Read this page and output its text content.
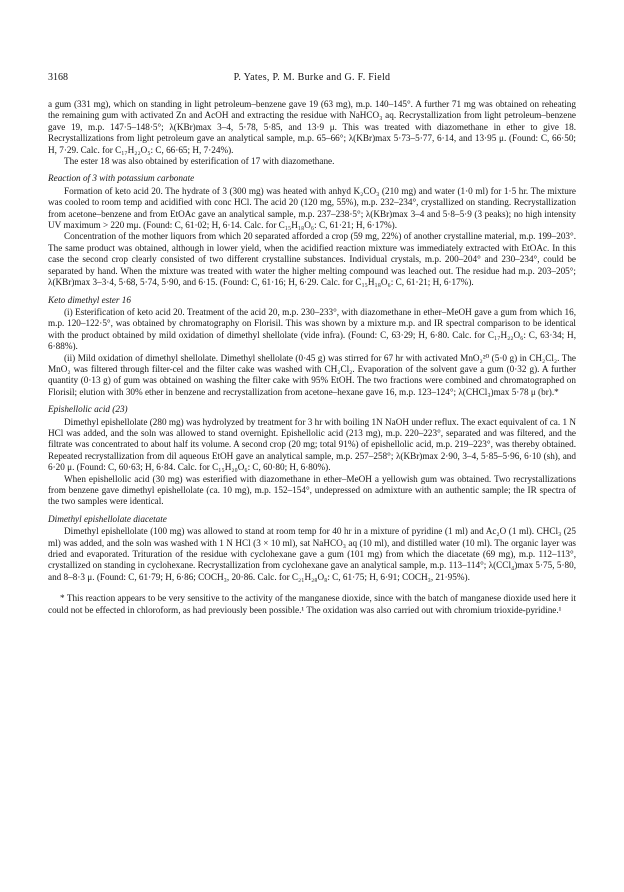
3168	P. Yates, P. M. Burke and G. F. Field

a gum (331 mg), which on standing in light petroleum–benzene gave 19 (63 mg), m.p. 140–145°. A further 71 mg was obtained on reheating the remaining gum with activated Zn and AcOH and extracting the residue with NaHCO₃ aq. Recrystallization from light petroleum–benzene gave 19, m.p. 147·5–148·5°; λ(KBr)max 3–4, 5·78, 5·85, and 13·9 μ. This was treated with diazomethane in ether to give 18. Recrystallizations from light petroleum gave an analytical sample, m.p. 65–66°; λ(KBr)max 5·73–5·77, 6·14, and 13·95 μ. (Found: C, 66·50; H, 7·29. Calc. for C₁₇H₂₂O₅: C, 66·65; H, 7·24%).

The ester 18 was also obtained by esterification of 17 with diazomethane.

Reaction of 3 with potassium carbonate

Formation of keto acid 20. The hydrate of 3 (300 mg) was heated with anhyd K₂CO₃ (210 mg) and water (1·0 ml) for 1·5 hr. The mixture was cooled to room temp and acidified with conc HCl. The acid 20 (120 mg, 55%), m.p. 232–234°, crystallized on standing. Recrystallization from acetone–benzene and from EtOAc gave an analytical sample, m.p. 237–238·5°; λ(KBr)max 3–4 and 5·8–5·9 (3 peaks); no high intensity UV maximum > 220 mμ. (Found: C, 61·02; H, 6·14. Calc. for C₁₅H₁₈O₆: C, 61·21; H, 6·17%).

Concentration of the mother liquors from which 20 separated afforded a crop (59 mg, 22%) of another crystalline material, m.p. 199–203°. The same product was obtained, although in lower yield, when the acidified reaction mixture was immediately extracted with EtOAc. In this case the second crop clearly consisted of two different crystalline substances. Individual crystals, m.p. 200–204° and 230–234°, could be separated by hand. When the mixture was treated with water the higher melting compound was leached out. The residue had m.p. 203–205°; λ(KBr)max 3–3·4, 5·68, 5·74, 5·90, and 6·15. (Found: C, 61·16; H, 6·29. Calc. for C₁₅H₁₈O₆: C, 61·21; H, 6·17%).

Keto dimethyl ester 16

(i) Esterification of keto acid 20. Treatment of the acid 20, m.p. 230–233°, with diazomethane in ether–MeOH gave a gum from which 16, m.p. 120–122·5°, was obtained by chromatography on Florisil. This was shown by a mixture m.p. and IR spectral comparison to be identical with the product obtained by mild oxidation of dimethyl shellolate (vide infra). (Found: C, 63·29; H, 6·80. Calc. for C₁₇H₂₂O₆: C, 63·34; H, 6·88%).

(ii) Mild oxidation of dimethyl shellolate. Dimethyl shellolate (0·45 g) was stirred for 67 hr with activated MnO₂²⁰ (5·0 g) in CH₂Cl₂. The MnO₂ was filtered through filter-cel and the filter cake was washed with CH₂Cl₂. Evaporation of the solvent gave a gum (0·32 g). A further quantity (0·13 g) of gum was obtained on washing the filter cake with 95% EtOH. The two fractions were combined and chromatographed on Florisil; elution with 30% ether in benzene and recrystallization from acetone–hexane gave 16, m.p. 123–124°; λ(CHCl₃)max 5·78 μ (br).*

Epishellolic acid (23)

Dimethyl epishellolate (280 mg) was hydrolyzed by treatment for 3 hr with boiling 1N NaOH under reflux. The exact equivalent of ca. 1 N HCl was added, and the soln was allowed to stand overnight. Epishellolic acid (213 mg), m.p. 220–223°, separated and was filtered, and the filtrate was concentrated to about half its volume. A second crop (20 mg; total 91%) of epishellolic acid, m.p. 219–223°, was thereby obtained. Repeated recrystallization from dil aqueous EtOH gave an analytical sample, m.p. 257–258°; λ(KBr)max 2·90, 3–4, 5·85–5·96, 6·10 (sh), and 6·20 μ. (Found: C, 60·63; H, 6·84. Calc. for C₁₅H₂₀O₆: C, 60·80; H, 6·80%).

When epishellolic acid (30 mg) was esterified with diazomethane in ether–MeOH a yellowish gum was obtained. Two recrystallizations from benzene gave dimethyl epishellolate (ca. 10 mg), m.p. 152–154°, undepressed on admixture with an authentic sample; the IR spectra of the two samples were identical.

Dimethyl epishellolate diacetate

Dimethyl epishellolate (100 mg) was allowed to stand at room temp for 40 hr in a mixture of pyridine (1 ml) and Ac₂O (1 ml). CHCl₃ (25 ml) was added, and the soln was washed with 1 N HCl (3 × 10 ml), sat NaHCO₃ aq (10 ml), and distilled water (10 ml). The organic layer was dried and evaporated. Trituration of the residue with cyclohexane gave a gum (101 mg) from which the diacetate (69 mg), m.p. 112–113°, crystallized on standing in cyclohexane. Recrystallization from cyclohexane gave an analytical sample, m.p. 113–114°; λ(CCl₄)max 5·75, 5·80, and 8–8·3 μ. (Found: C, 61·79; H, 6·86; COCH₃, 20·86. Calc. for C₂₁H₂₈O₈: C, 61·75; H, 6·91; COCH₃, 21·95%).

* This reaction appears to be very sensitive to the activity of the manganese dioxide, since with the batch of manganese dioxide used here it could not be effected in chloroform, as had previously been possible.¹ The oxidation was also carried out with chromium trioxide-pyridine.¹
